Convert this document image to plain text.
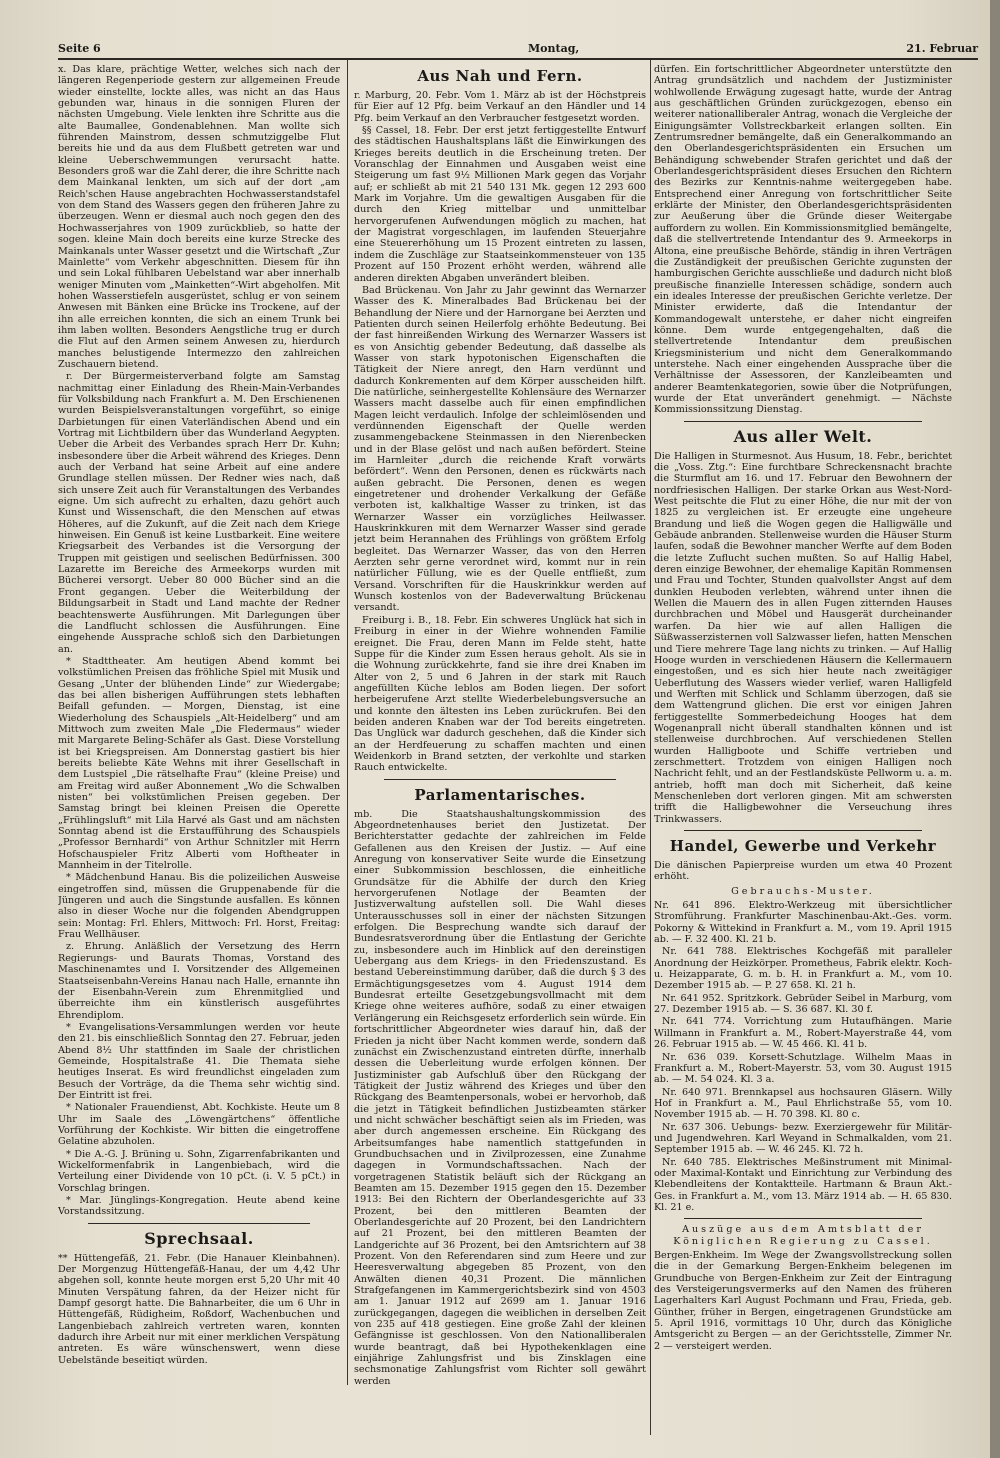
Seite 6	Montag,	21. Februar

x. Das klare, prächtige Wetter, welches sich nach der längeren Regenperiode gestern zur allgemeinen Freude wieder einstellte, lockte alles, was nicht an das Haus gebunden war, hinaus in die sonnigen Fluren der nächsten Umgebung. Viele lenkten ihre Schritte aus die alte Baumallee, Gondenablehnen. Man wollte sich führenden Mainstrom, dessen schmutziggelbe Flut bereits hie und da aus dem Flußbett getreten war und kleine Ueberschwemmungen verursacht hatte. Besonders groß war die Zahl derer, die ihre Schritte nach dem Mainkanal lenkten, um sich auf der dort „am Reich'schen Hause angebrachten Hochwasserstandstafel von dem Stand des Wassers gegen den früheren Jahre zu überzeugen. Wenn er diesmal auch noch gegen den des Hochwasserjahres von 1909 zurückblieb, so hatte der sogen. kleine Main doch bereits eine kurze Strecke des Mainkanals unter Wasser gesetzt und die Wirtschaft „Zur Mainlette“ vom Verkehr abgeschnitten. Diesem für ihn und sein Lokal fühlbaren Uebelstand war aber innerhalb weniger Minuten vom „Mainketten“-Wirt abgeholfen. Mit hohen Wasserstiefeln ausgerüstet, schlug er von seinem Anwesen mit Bänken eine Brücke ins Trockene, auf der ihn alle erreichen konnten, die sich an einem Trunk bei ihm laben wollten. Besonders Aengstliche trug er durch die Flut auf den Armen seinem Anwesen zu, hierdurch manches belustigende Intermezzo den zahlreichen Zuschauern bietend.

r. Der Bürgermeisterverband folgte am Samstag nachmittag einer Einladung des Rhein-Main-Verbandes für Volksbildung nach Frankfurt a. M. Den Erschienenen wurden Beispielsveranstaltungen vorgeführt, so einige Darbietungen für einen Vaterländischen Abend und ein Vortrag mit Lichtbildern über das Wunderland Aegypten. Ueber die Arbeit des Verbandes sprach Herr Dr. Kuhn; insbesondere über die Arbeit während des Krieges. Denn auch der Verband hat seine Arbeit auf eine andere Grundlage stellen müssen. Der Redner wies nach, daß sich unsere Zeit auch für Veranstaltungen des Verbandes eigne. Um sich aufrecht zu erhalten, dazu gehört auch Kunst und Wissenschaft, die den Menschen auf etwas Höheres, auf die Zukunft, auf die Zeit nach dem Kriege hinweisen. Ein Genuß ist keine Lustbarkeit. Eine weitere Kriegsarbeit des Verbandes ist die Versorgung der Truppen mit geistigen und seelischen Bedürfnissen. 300 Lazarette im Bereiche des Armeekorps wurden mit Bücherei versorgt. Ueber 80 000 Bücher sind an die Front gegangen. Ueber die Weiterbildung der Bildungsarbeit in Stadt und Land machte der Redner beachtenswerte Ausführungen. Mit Darlegungen über die Landflucht schlossen die Ausführungen. Eine eingehende Aussprache schloß sich den Darbietungen an.

* Stadttheater. Am heutigen Abend kommt bei volkstümlichen Preisen das fröhliche Spiel mit Musik und Gesang „Unter der blühenden Linde“ zur Wiedergabe; das bei allen bisherigen Aufführungen stets lebhaften Beifall gefunden. — Morgen, Dienstag, ist eine Wiederholung des Schauspiels „Alt-Heidelberg“ und am Mittwoch zum zweiten Male „Die Fledermaus“ wieder mit Margarete Beling-Schäfer als Gast. Diese Vorstellung ist bei Kriegspreisen. Am Donnerstag gastiert bis hier bereits beliebte Käte Wehns mit ihrer Gesellschaft in dem Lustspiel „Die rätselhafte Frau“ (kleine Preise) und am Freitag wird außer Abonnement „Wo die Schwalben nisten“ bei volkstümlichen Preisen gegeben. Der Samstag bringt bei kleinen Preisen die Operette „Frühlingsluft“ mit Lila Harvé als Gast und am nächsten Sonntag abend ist die Erstaufführung des Schauspiels „Professor Bernhardi“ von Arthur Schnitzler mit Herrn Hofschauspieler Fritz Alberti vom Hoftheater in Mannheim in der Titelrolle.

* Mädchenbund Hanau. Bis die polizeilichen Ausweise eingetroffen sind, müssen die Gruppenabende für die Jüngeren und auch die Singstunde ausfallen. Es können also in dieser Woche nur die folgenden Abendgruppen sein: Montag: Frl. Ehlers, Mittwoch: Frl. Horst, Freitag: Frau Wellhäuser.

z. Ehrung. Anläßlich der Versetzung des Herrn Regierungs- und Baurats Thomas, Vorstand des Maschinenamtes und I. Vorsitzender des Allgemeinen Staatseisenbahn-Vereins Hanau nach Halle, ernannte ihn der Eisenbahn-Verein zum Ehrenmitglied und überreichte ihm ein künstlerisch ausgeführtes Ehrendiplom.

* Evangelisations-Versammlungen werden vor heute den 21. bis einschließlich Sonntag den 27. Februar, jeden Abend 8½ Uhr stattfinden im Saale der christlichen Gemeinde, Hospitalstraße 41. Die Themata siehe heutiges Inserat. Es wird freundlichst eingeladen zum Besuch der Vorträge, da die Thema sehr wichtig sind. Der Eintritt ist frei.

* Nationaler Frauendienst, Abt. Kochkiste. Heute um 8 Uhr im Saale des „Löwengärtchens“ öffentliche Vorführung der Kochkiste. Wir bitten die eingetroffene Gelatine abzuholen.

* Die A.-G. J. Brüning u. Sohn, Zigarrenfabrikanten und Wickelformenfabrik in Langenbiebach, wird die Verteilung einer Dividende von 10 pCt. (i. V. 5 pCt.) in Vorschlag bringen.

* Mar. Jünglings-Kongregation. Heute abend keine Vorstandssitzung.

Sprechsaal.

** Hüttengefäß, 21. Febr. (Die Hanauer Kleinbahnen). Der Morgenzug Hüttengefäß-Hanau, der um 4,42 Uhr abgehen soll, konnte heute morgen erst 5,20 Uhr mit 40 Minuten Verspätung fahren, da der Heizer nicht für Dampf gesorgt hatte. Die Bahnarbeiter, die um 6 Uhr in Hüttengefäß, Rüdigheim, Roßdorf, Wachenbuchen und Langenbiebach zahlreich vertreten waren, konnten dadurch ihre Arbeit nur mit einer merklichen Verspätung antreten. Es wäre wünschenswert, wenn diese Uebelstände beseitigt würden.

Aus Nah und Fern.

r. Marburg, 20. Febr. Vom 1. März ab ist der Höchstpreis für Eier auf 12 Pfg. beim Verkauf an den Händler und 14 Pfg. beim Verkauf an den Verbraucher festgesetzt worden.

§§ Cassel, 18. Febr. Der erst jetzt fertiggestellte Entwurf des städtischen Haushaltsplans läßt die Einwirkungen des Krieges bereits deutlich in die Erscheinung treten. Der Voranschlag der Einnahmen und Ausgaben weist eine Steigerung um fast 9½ Millionen Mark gegen das Vorjahr auf; er schließt ab mit 21 540 131 Mk. gegen 12 293 600 Mark im Vorjahre. Um die gewaltigen Ausgaben für die durch den Krieg mittelbar und unmittelbar hervorgerufenen Aufwendungen möglich zu machen, hat der Magistrat vorgeschlagen, im laufenden Steuerjahre eine Steuererhöhung um 15 Prozent eintreten zu lassen, indem die Zuschläge zur Staatseinkommensteuer von 135 Prozent auf 150 Prozent erhöht werden, während alle anderen direkten Abgaben unverändert bleiben.

Bad Brückenau. Von Jahr zu Jahr gewinnt das Wernarzer Wasser des K. Mineralbades Bad Brückenau bei der Behandlung der Niere und der Harnorgane bei Aerzten und Patienten durch seinen Heilerfolg erhöhte Bedeutung. Bei der fast hinreißenden Wirkung des Wernarzer Wassers ist es von Ansichtig gebender Bedeutung, daß dasselbe als Wasser von stark hypotonischen Eigenschaften die Tätigkeit der Niere anregt, den Harn verdünnt und dadurch Konkrementen auf dem Körper ausscheiden hilft. Die natürliche, seinhergestellte Kohlensäure des Wernarzer Wassers macht dasselbe auch für einen empfindlichen Magen leicht verdaulich. Infolge der schleimlösenden und verdünnenden Eigenschaft der Quelle werden zusammengebackene Steinmassen in den Nierenbecken und in der Blase gelöst und nach außen befördert. Steine im Harnleiter „durch die reichende Kraft vorwärts befördert“. Wenn den Personen, denen es rückwärts nach außen gebracht. Die Personen, denen es wegen eingetretener und drohender Verkalkung der Gefäße verboten ist, kalkhaltige Wasser zu trinken, ist das Wernarzer Wasser ein vorzügliches Heilwasser. Hauskrinkkuren mit dem Wernarzer Wasser sind gerade jetzt beim Herannahen des Frühlings von größtem Erfolg begleitet. Das Wernarzer Wasser, das von den Herren Aerzten sehr gerne verordnet wird, kommt nur in rein natürlicher Füllung, wie es der Quelle entfließt, zum Versand. Vorschriften für die Hauskrinkkur werden auf Wunsch kostenlos von der Badeverwaltung Brückenau versandt.

Freiburg i. B., 18. Febr. Ein schweres Unglück hat sich in Freiburg in einer in der Wiehre wohnenden Familie ereignet. Die Frau, deren Mann im Felde steht, hatte Suppe für die Kinder zum Essen heraus geholt. Als sie in die Wohnung zurückkehrte, fand sie ihre drei Knaben im Alter von 2, 5 und 6 Jahren in der stark mit Rauch angefüllten Küche leblos am Boden liegen. Der sofort herbeigerufene Arzt stellte Wiederbelebungsversuche an und konnte den ältesten ins Leben zurückrufen. Bei den beiden anderen Knaben war der Tod bereits eingetreten. Das Unglück war dadurch geschehen, daß die Kinder sich an der Herdfeuerung zu schaffen machten und einen Weidenkorb in Brand setzten, der verkohlte und starken Rauch entwickelte.

Parlamentarisches.

mb. Die Staatshaushaltungskommission des Abgeordnetenhauses beriet den Justizetat. Der Berichterstatter gedachte der zahlreichen im Felde Gefallenen aus den Kreisen der Justiz. — Auf eine Anregung von konservativer Seite wurde die Einsetzung einer Subkommission beschlossen, die einheitliche Grundsätze für die Abhilfe der durch den Krieg hervorgerufenen Notlage der Beamten der Justizverwaltung aufstellen soll. Die Wahl dieses Unterausschusses soll in einer der nächsten Sitzungen erfolgen. Die Besprechung wandte sich darauf der Bundesratsverordnung über die Entlastung der Gerichte zu, insbesondere auch im Hinblick auf den dereinstigen Uebergang aus dem Kriegs- in den Friedenszustand. Es bestand Uebereinstimmung darüber, daß die durch § 3 des Ermächtigungsgesetzes vom 4. August 1914 dem Bundesrat erteilte Gesetzgebungsvollmacht mit dem Kriege ohne weiteres aufhöre, sodaß zu einer etwaigen Verlängerung ein Reichsgesetz erforderlich sein würde. Ein fortschrittlicher Abgeordneter wies darauf hin, daß der Frieden ja nicht über Nacht kommen werde, sondern daß zunächst ein Zwischenzustand eintreten dürfte, innerhalb dessen die Ueberleitung wurde erfolgen können. Der Justizminister gab Aufschluß über den Rückgang der Tätigkeit der Justiz während des Krieges und über den Rückgang des Beamtenpersonals, wobei er hervorhob, daß die jetzt in Tätigkeit befindlichen Justizbeamten stärker und nicht schwächer beschäftigt seien als im Frieden, was aber durch angemessen erscheine. Ein Rückgang des Arbeitsumfanges habe namentlich stattgefunden in Grundbuchsachen und in Zivilprozessen, eine Zunahme dagegen in Vormundschaftssachen. Nach der vorgetragenen Statistik beläuft sich der Rückgang an Beamten am 15. Dezember 1915 gegen den 15. Dezember 1913: Bei den Richtern der Oberlandesgerichte auf 33 Prozent, bei den mittleren Beamten der Oberlandesgerichte auf 20 Prozent, bei den Landrichtern auf 21 Prozent, bei den mittleren Beamten der Landgerichte auf 36 Prozent, bei den Amtsrichtern auf 38 Prozent. Von den Referendaren sind zum Heere und zur Heeresverwaltung abgegeben 85 Prozent, von den Anwälten dienen 40,31 Prozent. Die männlichen Strafgefangenen im Kammergerichtsbezirk sind von 4503 am 1. Januar 1912 auf 2699 am 1. Januar 1916 zurückgegangen, dagegen die weiblichen in derselben Zeit von 235 auf 418 gestiegen. Eine große Zahl der kleinen Gefängnisse ist geschlossen. Von den Nationalliberalen wurde beantragt, daß bei Hypothekenklagen eine einjährige Zahlungsfrist und bis Zinsklagen eine sechsmonatige Zahlungsfrist vom Richter soll gewährt werden

dürfen. Ein fortschrittlicher Abgeordneter unterstützte den Antrag grundsätzlich und nachdem der Justizminister wohlwollende Erwägung zugesagt hatte, wurde der Antrag aus geschäftlichen Gründen zurückgezogen, ebenso ein weiterer nationalliberaler Antrag, wonach die Vergleiche der Einigungsämter Vollstreckbarkeit erlangen sollten. Ein Zentrumsredner bemängelte, daß ein Generalkommando an den Oberlandesgerichtspräsidenten ein Ersuchen um Behändigung schwebender Strafen gerichtet und daß der Oberlandesgerichtspräsident dieses Ersuchen den Richtern des Bezirks zur Kenntnis-nahme weitergegeben habe. Entsprechend einer Anregung von fortschrittlicher Seite erklärte der Minister, den Oberlandesgerichtspräsidenten zur Aeußerung über die Gründe dieser Weitergabe auffordern zu wollen. Ein Kommissionsmitglied bemängelte, daß die stellvertretende Intendantur des 9. Armeekorps in Altona, eine preußische Behörde, ständig in ihren Verträgen die Zuständigkeit der preußischen Gerichte zugunsten der hamburgischen Gerichte ausschließe und dadurch nicht bloß preußische finanzielle Interessen schädige, sondern auch ein ideales Interesse der preußischen Gerichte verletze. Der Minister erwiderte, daß die Intendantur der Kommandogewalt unterstehe, er daher nicht eingreifen könne. Dem wurde entgegengehalten, daß die stellvertretende Intendantur dem preußischen Kriegsministerium und nicht dem Generalkommando unterstehe. Nach einer eingehenden Aussprache über die Verhältnisse der Assessoren, der Kanzleibeamten und anderer Beamtenkategorien, sowie über die Notprüfungen, wurde der Etat unverändert genehmigt. — Nächste Kommissionssitzung Dienstag.

Aus aller Welt.

Die Halligen in Sturmesnot. Aus Husum, 18. Febr., berichtet die „Voss. Ztg.“: Eine furchtbare Schreckensnacht brachte die Sturmflut am 16. und 17. Februar den Bewohnern der nordfriesischen Halligen. Der starke Orkan aus West-Nord-West peitschte die Flut zu einer Höhe, die nur mit der von 1825 zu vergleichen ist. Er erzeugte eine ungeheure Brandung und ließ die Wogen gegen die Halligwälle und Gebäude anbranden. Stellenweise wurden die Häuser Sturm laufen, sodaß die Bewohner mancher Werfte auf dem Boden die letzte Zuflucht suchen mußten. So auf Hallig Habel, deren einzige Bewohner, der ehemalige Kapitän Rommensen und Frau und Tochter, Stunden qualvollster Angst auf dem dunklen Heuboden verlebten, während unter ihnen die Wellen die Mauern des in allen Fugen zitternden Hauses durchbrachen und Möbel und Hausgerät durcheinander warfen. Da hier wie auf allen Halligen die Süßwasserzisternen voll Salzwasser liefen, hatten Menschen und Tiere mehrere Tage lang nichts zu trinken. — Auf Hallig Hooge wurden in verschiedenen Häusern die Kellermauern eingestoßen, und es sich hier heute nach zweitägiger Ueberflutung des Wassers wieder verlief, waren Halligfeld und Werften mit Schlick und Schlamm überzogen, daß sie dem Wattengrund glichen. Die erst vor einigen Jahren fertiggestellte Sommerbedeichung Hooges hat dem Wogenanprall nicht überall standhalten können und ist stellenweise durchbrochen. Auf verschiedenen Stellen wurden Halligboote und Schiffe vertrieben und zerschmettert. Trotzdem von einigen Halligen noch Nachricht fehlt, und an der Festlandsküste Pellworm u. a. m. antrieb, hofft man doch mit Sicherheit, daß keine Menschenleben dort verloren gingen. Mit am schwersten trifft die Halligbewohner die Verseuchung ihres Trinkwassers.

Handel, Gewerbe und Verkehr

Die dänischen Papierpreise wurden um etwa 40 Prozent erhöht.

Gebrauchs-Muster.

Nr. 641 896. Elektro-Werkzeug mit übersichtlicher Stromführung. Frankfurter Maschinenbau-Akt.-Ges. vorm. Pokorny & Wittekind in Frankfurt a. M., vom 19. April 1915 ab. — F. 32 400. Kl. 21 b.

Nr. 641 788. Elektrisches Kochgefäß mit paralleler Anordnung der Heizkörper. Prometheus, Fabrik elektr. Koch- u. Heizapparate, G. m. b. H. in Frankfurt a. M., vom 10. Dezember 1915 ab. — P. 27 658. Kl. 21 h.

Nr. 641 952. Spritzkork. Gebrüder Seibel in Marburg, vom 27. Dezember 1915 ab. — S. 36 687. Kl. 30 f.

Nr. 641 774. Vorrichtung zum Hutaufhängen. Marie Willmann in Frankfurt a. M., Robert-Mayerstraße 44, vom 26. Februar 1915 ab. — W. 45 466. Kl. 41 b.

Nr. 636 039. Korsett-Schutzlage. Wilhelm Maas in Frankfurt a. M., Robert-Mayerstr. 53, vom 30. August 1915 ab. — M. 54 024. Kl. 3 a.

Nr. 640 971. Brennkapsel aus hochsauren Gläsern. Willy Hof in Frankfurt a. M., Paul Ehrlichstraße 55, vom 10. November 1915 ab. — H. 70 398. Kl. 80 c.

Nr. 637 306. Uebungs- bezw. Exerziergewehr für Militär- und Jugendwehren. Karl Weyand in Schmalkalden, vom 21. September 1915 ab. — W. 46 245. Kl. 72 h.

Nr. 640 785. Elektrisches Meßinstrument mit Minimal- oder Maximal-Kontakt und Einrichtung zur Verbindung des Klebendleitens der Kontaktteile. Hartmann & Braun Akt.-Ges. in Frankfurt a. M., vom 13. März 1914 ab. — H. 65 830. Kl. 21 e.

Auszüge aus dem Amtsblatt der Königlichen Regierung zu Cassel.

Bergen-Enkheim. Im Wege der Zwangsvollstreckung sollen die in der Gemarkung Bergen-Enkheim belegenen im Grundbuche von Bergen-Enkheim zur Zeit der Eintragung des Versteigerungsvermerks auf den Namen des früheren Lagerhalters Karl August Pochmann und Frau, Frieda, geb. Günther, früher in Bergen, eingetragenen Grundstücke am 5. April 1916, vormittags 10 Uhr, durch das Königliche Amtsgericht zu Bergen — an der Gerichtsstelle, Zimmer Nr. 2 — versteigert werden.
